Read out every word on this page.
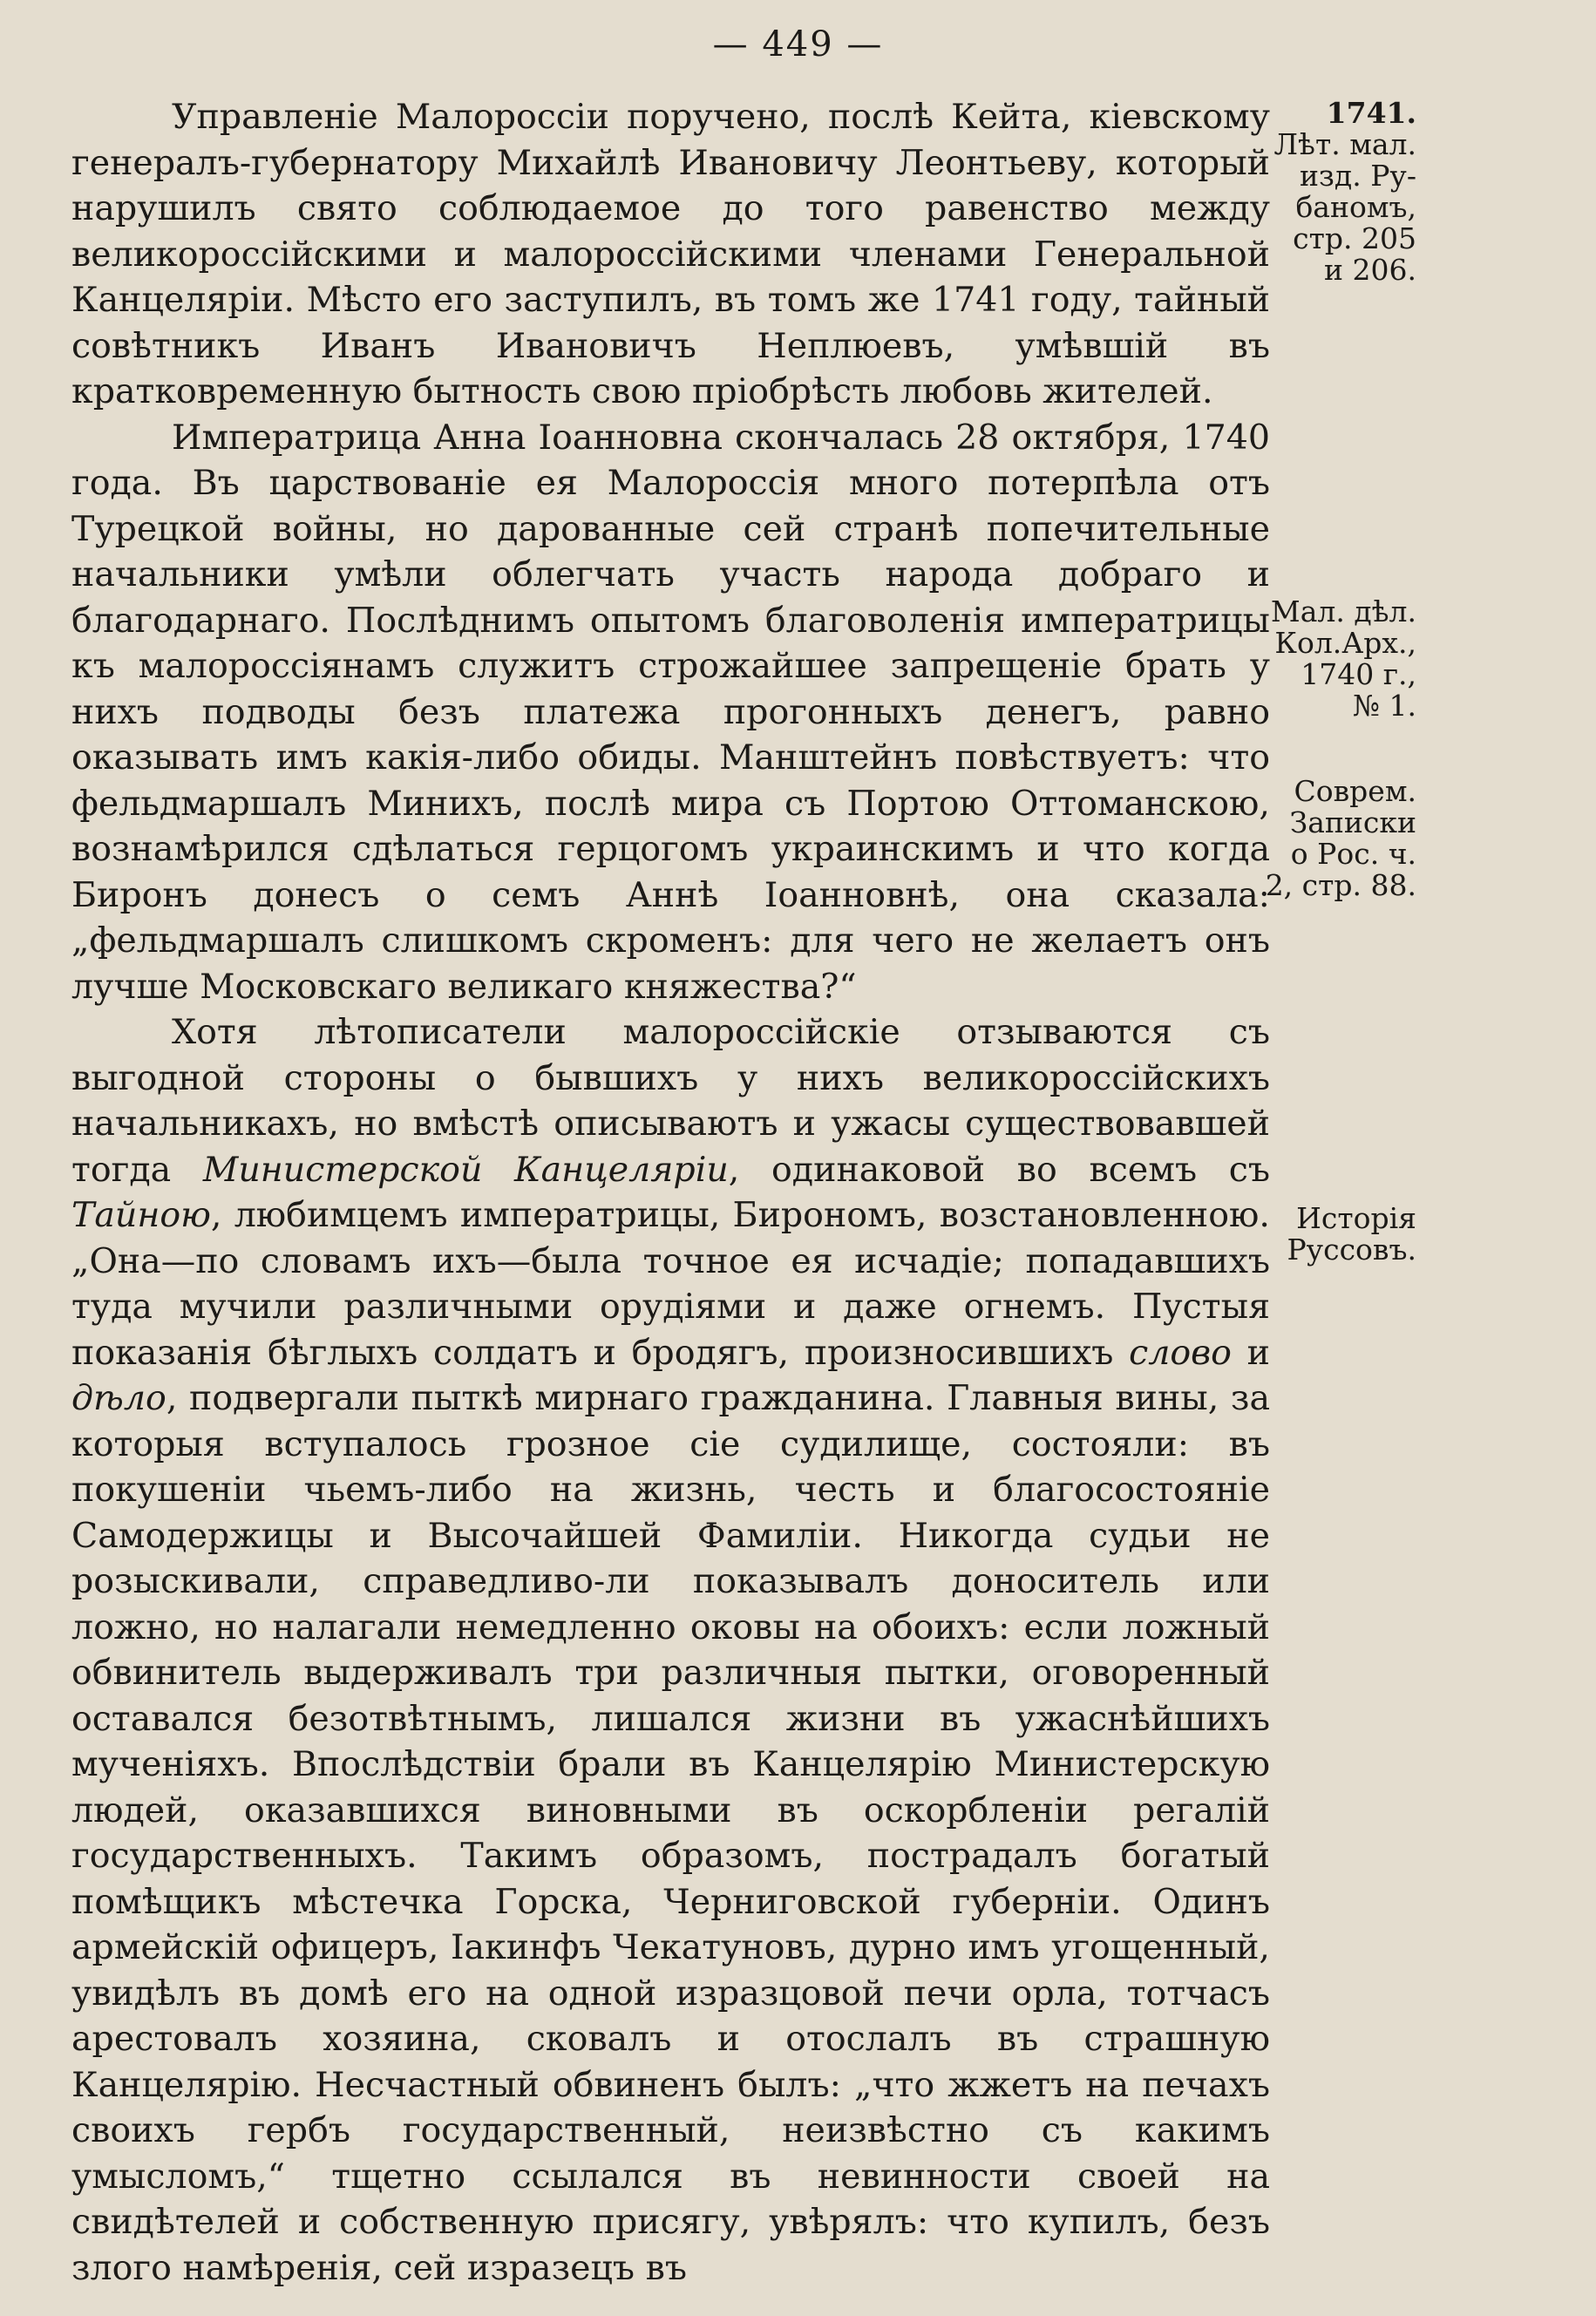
— 449 —

Управленіе Малороссіи поручено, послѣ Кейта, кіевскому генералъ-губернатору Михайлѣ Ивановичу Леонтьеву, который нарушилъ свято соблюдаемое до того равенство между великороссійскими и малороссійскими членами Генеральной Канцеляріи. Мѣсто его заступилъ, въ томъ же 1741 году, тайный совѣтникъ Иванъ Ивановичъ Неплюевъ, умѣвшій въ кратковременную бытность свою пріобрѣсть любовь жителей.

Императрица Анна Іоанновна скончалась 28 октября, 1740 года. Въ царствованіе ея Малороссія много потерпѣла отъ Турецкой войны, но дарованные сей странѣ попечительные начальники умѣли облегчать участь народа добраго и благодарнаго. Послѣднимъ опытомъ благоволенія императрицы къ малороссіянамъ служитъ строжайшее запрещеніе брать у нихъ подводы безъ платежа прогонныхъ денегъ, равно оказывать имъ какія-либо обиды. Манштейнъ повѣствуетъ: что фельдмаршалъ Минихъ, послѣ мира съ Портою Оттоманскою, вознамѣрился сдѣлаться герцогомъ украинскимъ и что когда Биронъ донесъ о семъ Аннѣ Іоанновнѣ, она сказала: „фельдмаршалъ слишкомъ скроменъ: для чего не желаетъ онъ лучше Московскаго великаго княжества?“

Хотя лѣтописатели малороссійскіе отзываются съ выгодной стороны о бывшихъ у нихъ великороссійскихъ начальникахъ, но вмѣстѣ описываютъ и ужасы существовавшей тогда Министерской Канцеляріи, одинаковой во всемъ съ Тайною, любимцемъ императрицы, Бирономъ, возстановленною. „Она—по словамъ ихъ—была точное ея исчадіе; попадавшихъ туда мучили различными орудіями и даже огнемъ. Пустыя показанія бѣглыхъ солдатъ и бродягъ, произносившихъ слово и дѣло, подвергали пыткѣ мирнаго гражданина. Главныя вины, за которыя вступалось грозное сіе судилище, состояли: въ покушеніи чьемъ-либо на жизнь, честь и благосостояніе Самодержицы и Высочайшей Фамиліи. Никогда судьи не розыскивали, справедливо-ли показывалъ доноситель или ложно, но налагали немедленно оковы на обоихъ: если ложный обвинитель выдерживалъ три различныя пытки, оговоренный оставался безотвѣтнымъ, лишался жизни въ ужаснѣйшихъ мученіяхъ. Впослѣдствіи брали въ Канцелярію Министерскую людей, оказавшихся виновными въ оскорбленіи регалій государственныхъ. Такимъ образомъ, пострадалъ богатый помѣщикъ мѣстечка Горска, Черниговской губерніи. Одинъ армейскій офицеръ, Іакинфъ Чекатуновъ, дурно имъ угощенный, увидѣлъ въ домѣ его на одной изразцовой печи орла, тотчасъ арестовалъ хозяина, сковалъ и отослалъ въ страшную Канцелярію. Несчастный обвиненъ былъ: „что жжетъ на печахъ своихъ гербъ государственный, неизвѣстно съ какимъ умысломъ,“ тщетно ссылался въ невинности своей на свидѣтелей и собственную присягу, увѣрялъ: что купилъ, безъ злого намѣренія, сей изразецъ въ

1741.
Лѣт. мал.
изд. Ру-
баномъ,
стр. 205
и 206.
Мал. дѣл.
Кол.Арх.,
1740 г.,
№ 1.
Соврем.
Записки
о Рос. ч.
2, стр. 88.
Исторія
Руссовъ.
